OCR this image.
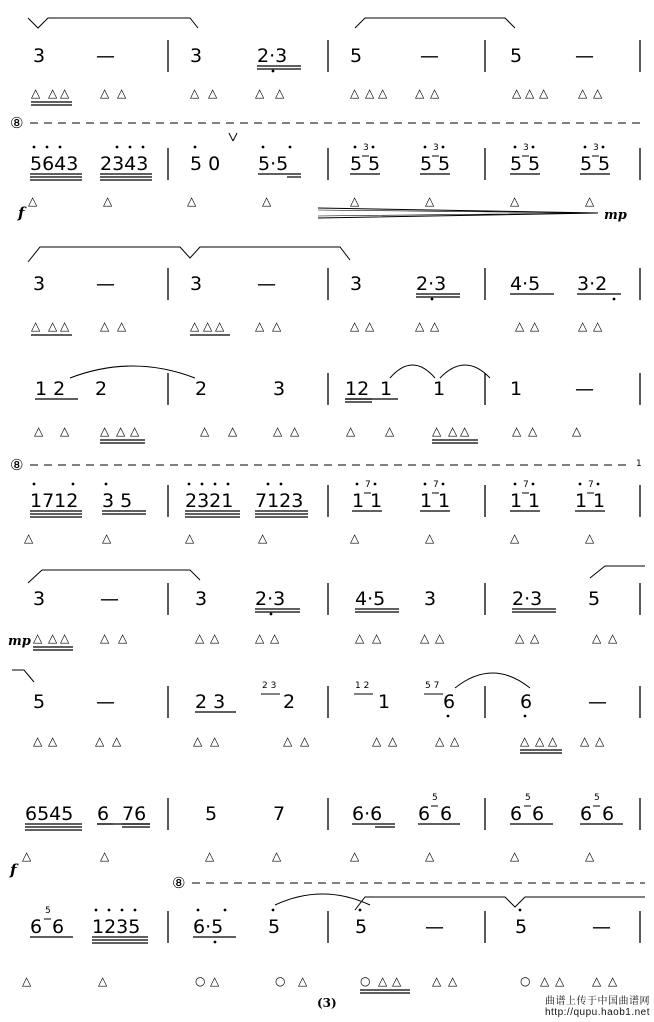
3	—	3	2·3	5	—	5	—
△ △ △	△ △	△ △	△ △	△ △ △ △ △	△ △ △ △ △
⑧
5643 2343 5 0 5·5	5
3
5 5
3
5	5
3
5 5
3
5
f
△	△	△	△	△	△	△	△
mp
3	—	3	—	3	2·3	4·5 3·2
△ △ △	△ △	△ △ △	△ △	△ △	△ △	△ △	△ △
1 2 2	2	3	12 1 1	1	—
△ △	△ △ △	△ △	△ △	△ △	△ △ △	△ △	△
⑧	1
1712 3 5	2321 7123	1
7
1 1
7
1	1
7
1 1
7
1
△	△	△	△	△	△	△	△
3	—	3	2·3	4·5 3	2·3 5
mp △ △ △	△ △	△ △	△ △	△ △	△ △	△ △	△ △
5	—	2 3
2 3
2
1 2
1
5 7
6	6	—
△ △	△ △	△ △	△ △	△ △	△ △	△ △ △ △ △
6545 6 76	5	7	6·6 6
5
6	6
5
6 6
5
6
f
△	△	△	△	△	△	△	△
⑧
6
5
6 1235	6·5 5	5	—	5	—
△	△	△	△	△ △	△ △	△ △ △ △
○	○	○	○
(3)	曲谱上传于中国曲谱网
http://qupu.haob1.net
